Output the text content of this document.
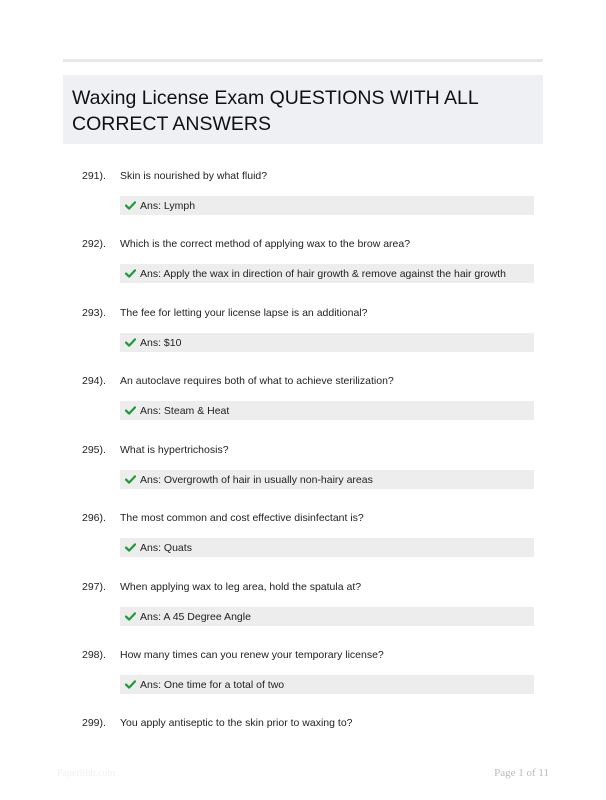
Waxing License Exam QUESTIONS WITH ALL CORRECT ANSWERS
291). Skin is nourished by what fluid?
Ans: Lymph
292). Which is the correct method of applying wax to the brow area?
Ans: Apply the wax in direction of hair growth & remove against the hair growth
293). The fee for letting your license lapse is an additional?
Ans: $10
294). An autoclave requires both of what to achieve sterilization?
Ans: Steam & Heat
295). What is hypertrichosis?
Ans: Overgrowth of hair in usually non-hairy areas
296). The most common and cost effective disinfectant is?
Ans: Quats
297). When applying wax to leg area, hold the spatula at?
Ans: A 45 Degree Angle
298). How many times can you renew your temporary license?
Ans: One time for a total of two
299). You apply antiseptic to the skin prior to waxing to?
Paperlibh.com	Page 1 of 11
